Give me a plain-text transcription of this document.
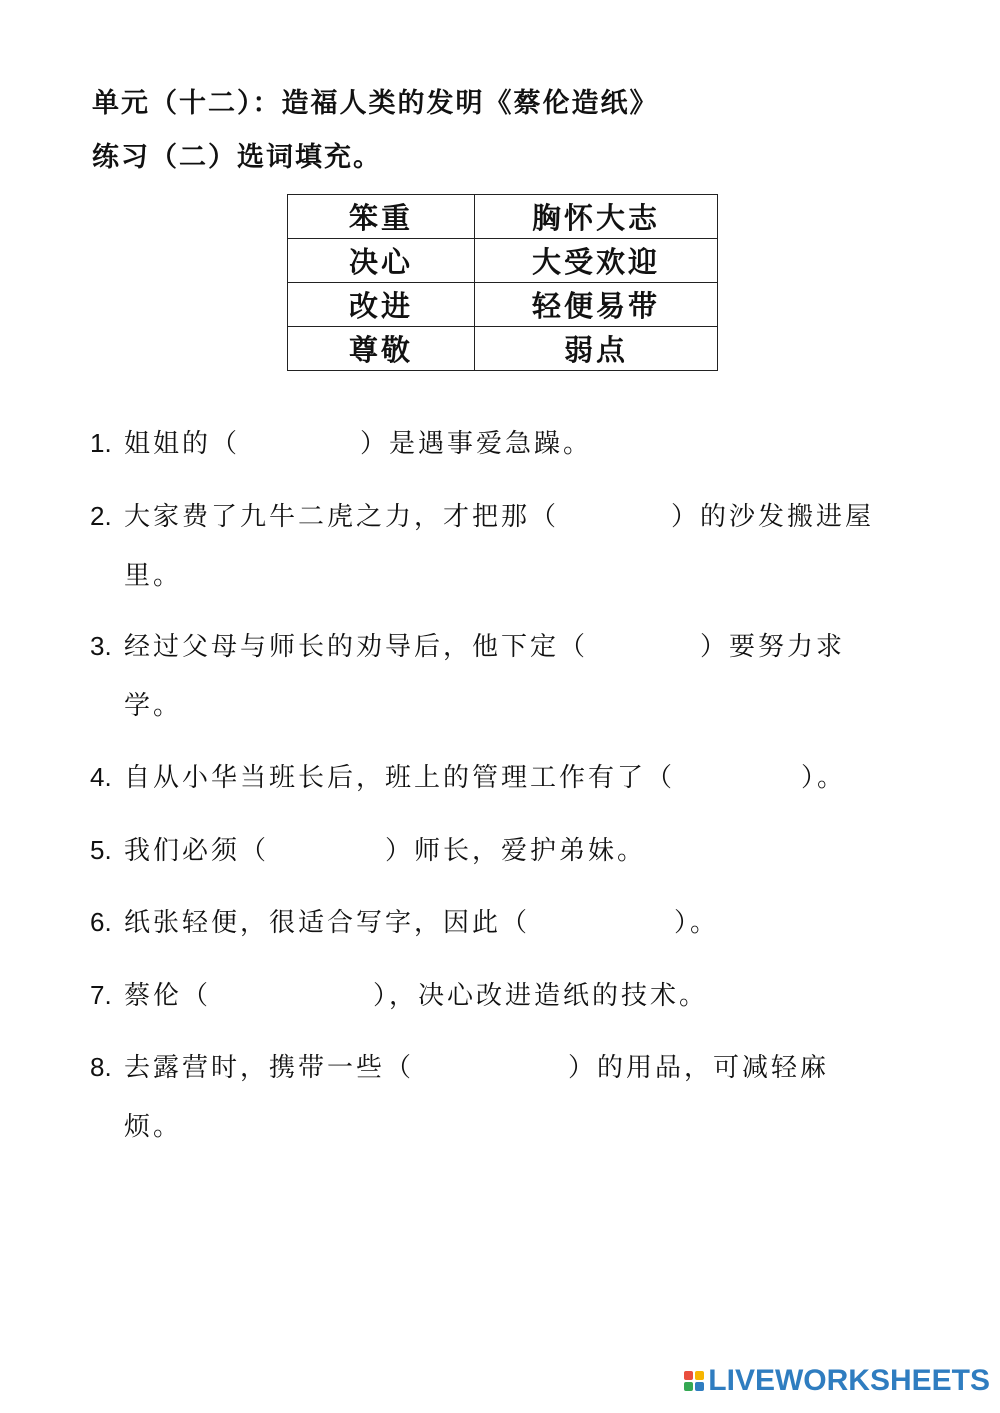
单元（十二）：造福人类的发明《蔡伦造纸》
练习（二）选词填充。
笨重	胸怀大志
决心	大受欢迎
改进	轻便易带
尊敬	弱点
1. 姐姐的（	）是遇事爱急躁。
2. 大家费了九牛二虎之力，才把那（	）的沙发搬进屋
里。
3. 经过父母与师长的劝导后，他下定（	）要努力求
学。
4. 自从小华当班长后，班上的管理工作有了（	）。
5. 我们必须（	）师长，爱护弟妹。
6. 纸张轻便，很适合写字，因此（	）。
7. 蔡伦（	），决心改进造纸的技术。
8. 去露营时，携带一些（	）的用品，可减轻麻
烦。
LIVEWORKSHEETS
